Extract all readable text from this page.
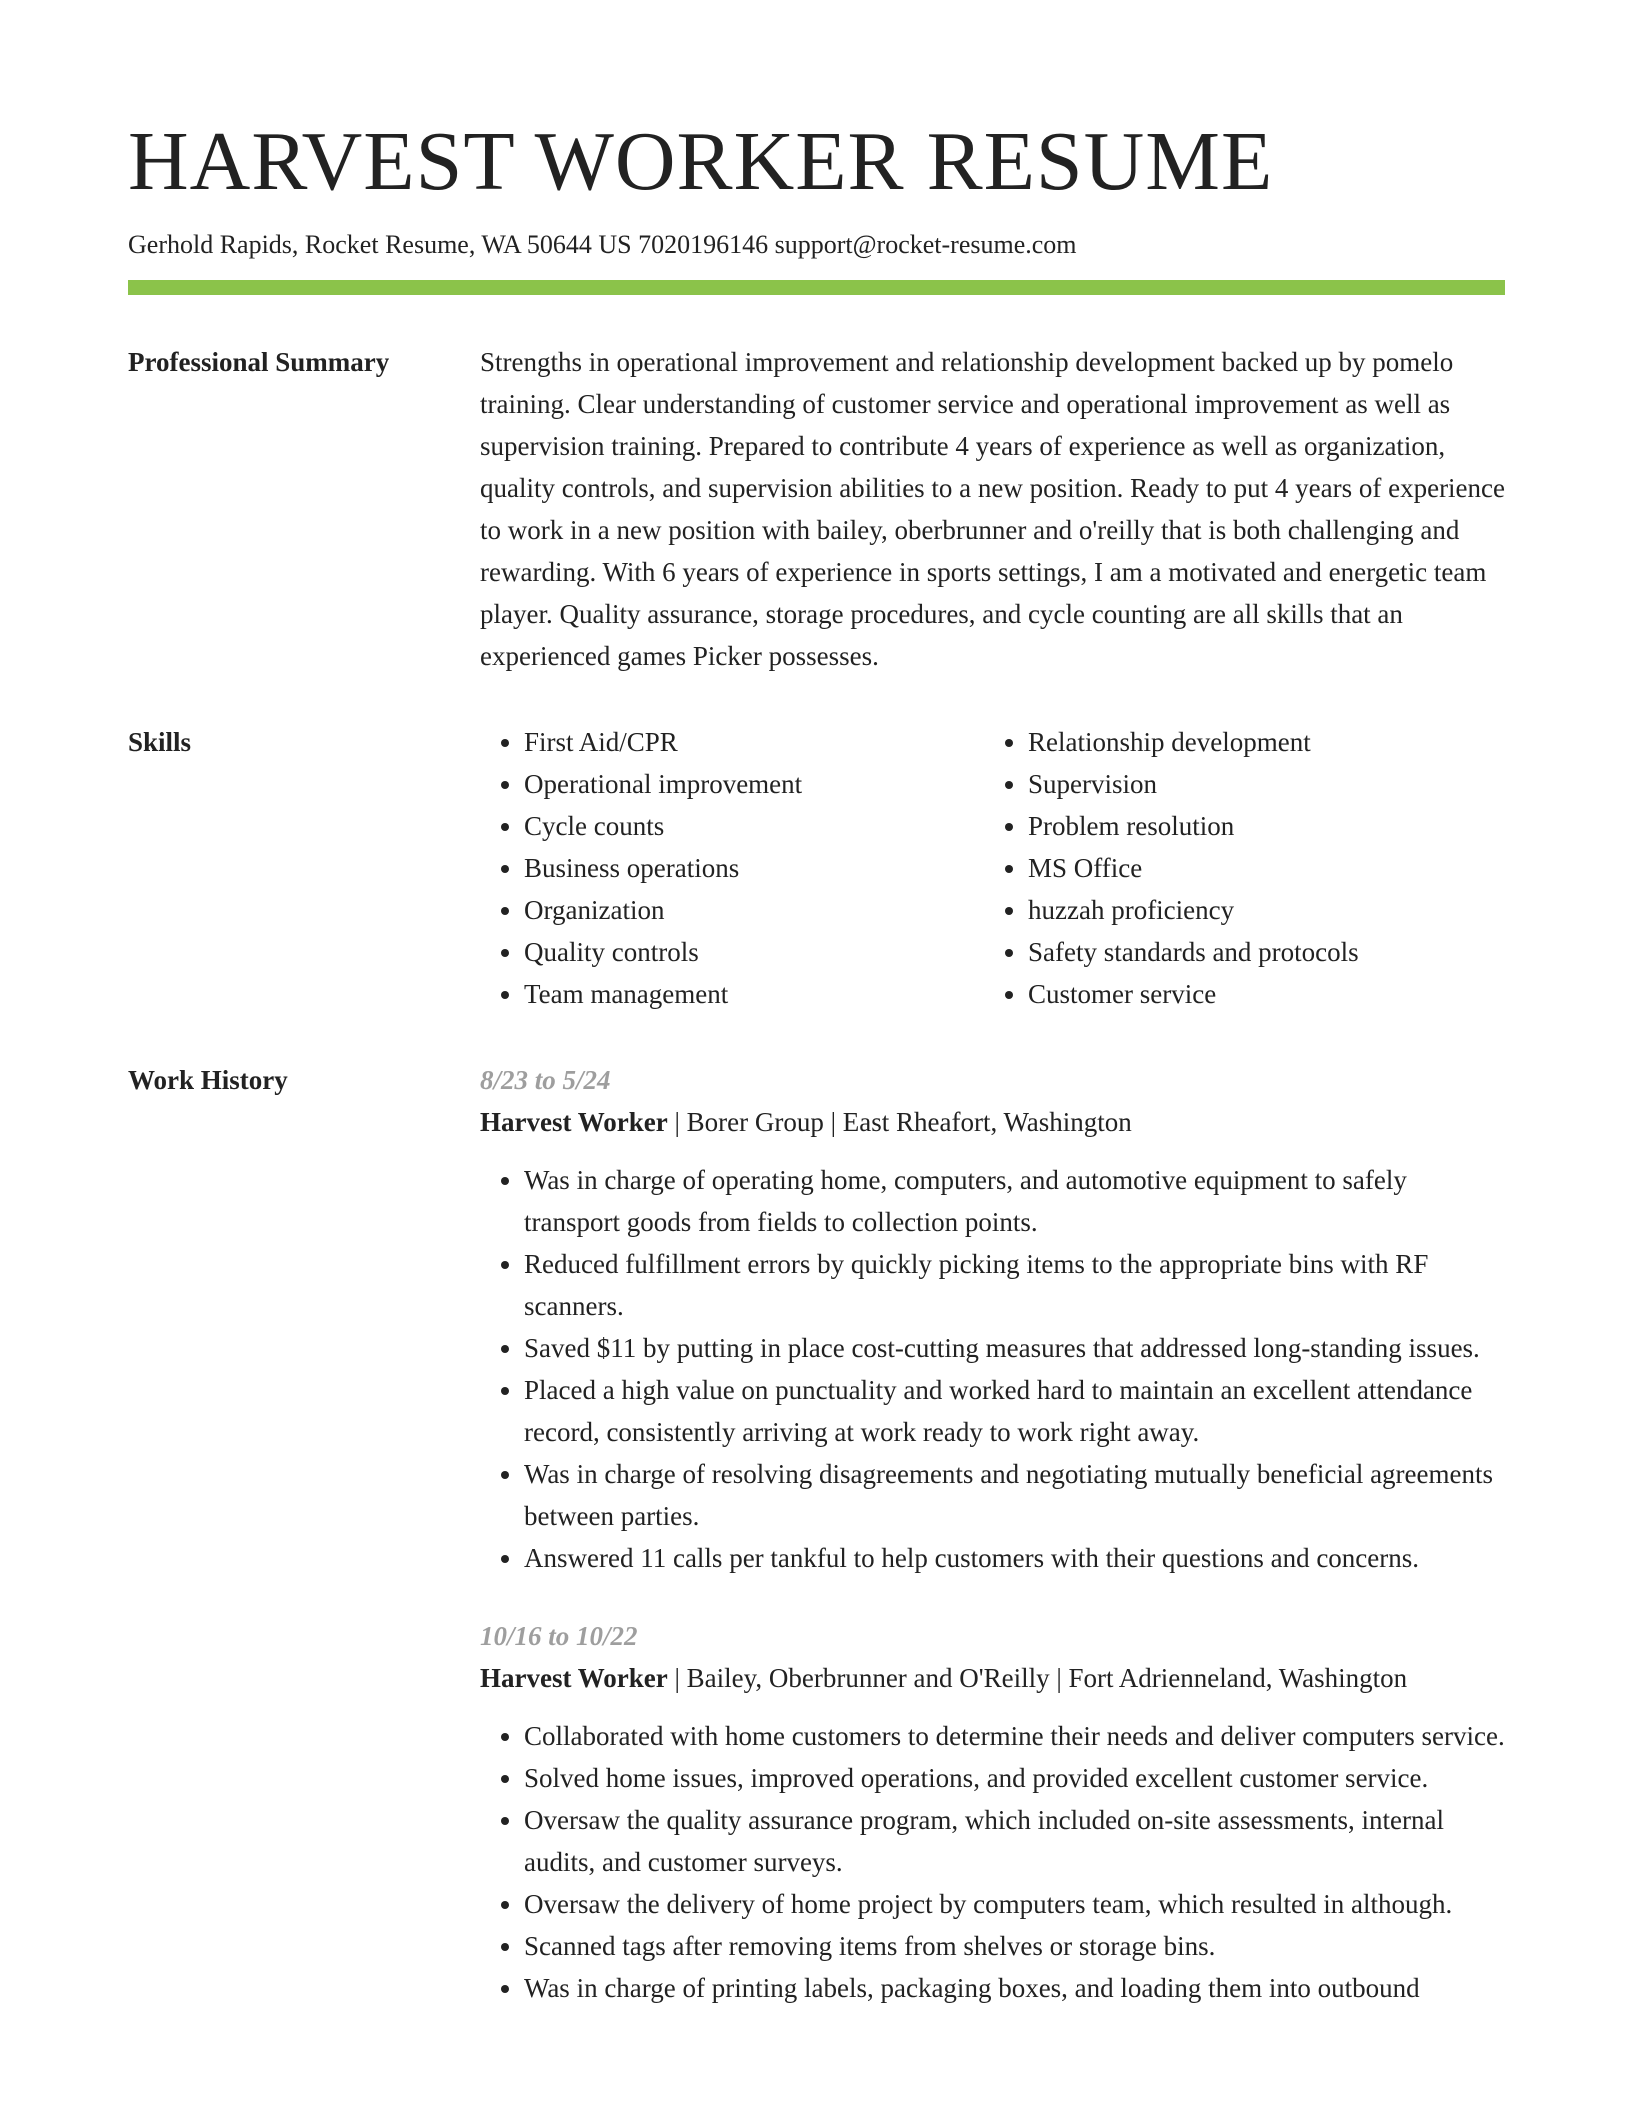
HARVEST WORKER RESUME
Gerhold Rapids, Rocket Resume, WA 50644 US 7020196146 support@rocket-resume.com
Professional Summary	Strengths in operational improvement and relationship development backed up by pomelo training. Clear understanding of customer service and operational improvement as well as supervision training. Prepared to contribute 4 years of experience as well as organization, quality controls, and supervision abilities to a new position. Ready to put 4 years of experience to work in a new position with bailey, oberbrunner and o'reilly that is both challenging and rewarding. With 6 years of experience in sports settings, I am a motivated and energetic team player. Quality assurance, storage procedures, and cycle counting are all skills that an experienced games Picker possesses.

Skills
•	First Aid/CPR
• Operational improvement
• Cycle counts
• Business operations
• Organization
• Quality controls
• Team management
• Relationship development
• Supervision
• Problem resolution
• MS Office
• huzzah proficiency
• Safety standards and protocols
• Customer service
Work History	8/23 to 5/24
Harvest Worker | Borer Group | East Rheafort, Washington
• Was in charge of operating home, computers, and automotive equipment to safely transport goods from fields to collection points.
• Reduced fulfillment errors by quickly picking items to the appropriate bins with RF scanners.
• Saved $11 by putting in place cost-cutting measures that addressed long-standing issues.
• Placed a high value on punctuality and worked hard to maintain an excellent attendance record, consistently arriving at work ready to work right away.
• Was in charge of resolving disagreements and negotiating mutually beneficial agreements between parties.
• Answered 11 calls per tankful to help customers with their questions and concerns.
10/16 to 10/22
Harvest Worker | Bailey, Oberbrunner and O'Reilly | Fort Adrienneland, Washington
• Collaborated with home customers to determine their needs and deliver computers service.
• Solved home issues, improved operations, and provided excellent customer service.
• Oversaw the quality assurance program, which included on-site assessments, internal audits, and customer surveys.
• Oversaw the delivery of home project by computers team, which resulted in although.
• Scanned tags after removing items from shelves or storage bins.
• Was in charge of printing labels, packaging boxes, and loading them into outbound
